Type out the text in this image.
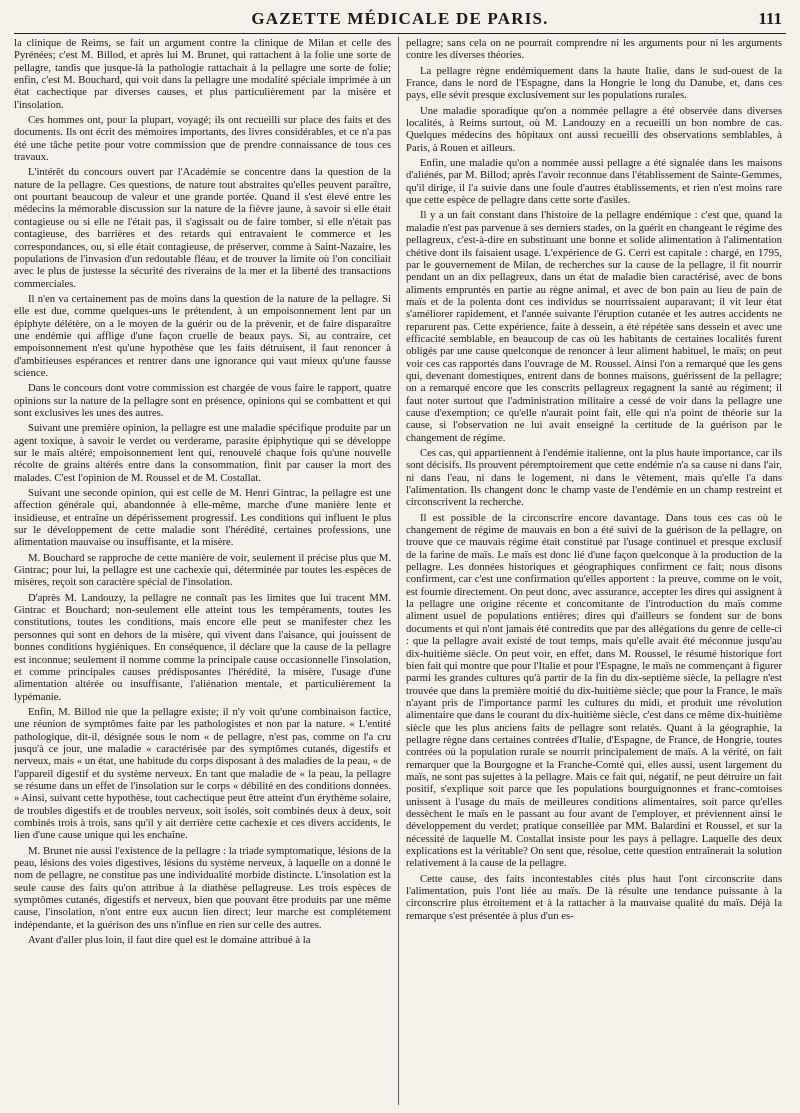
GAZETTE MÉDICALE DE PARIS.	111

la clinique de Reims, se fait un argument contre la clinique de Milan et celle des Pyrénées; c'est M. Billod, et après lui M. Brunet, qui rattachent à la folie une sorte de pellagre, tandis que jusque-là la pathologie rattachait à la pellagre une sorte de folie; enfin, c'est M. Bouchard, qui voit dans la pellagre une modalité spéciale imprimée à un état cachectique par diverses causes, et plus particulièrement par la misère et l'insolation.

Ces hommes ont, pour la plupart, voyagé; ils ont recueilli sur place des faits et des documents. Ils ont écrit des mémoires importants, des livres considérables, et ce n'a pas été une tâche petite pour votre commission que de prendre connaissance de tous ces travaux.

L'intérêt du concours ouvert par l'Académie se concentre dans la question de la nature de la pellagre. Ces questions, de nature tout abstraites qu'elles peuvent paraître, ont pourtant beaucoup de valeur et une grande portée. Quand il s'est élevé entre les médecins la mémorable discussion sur la nature de la fièvre jaune, à savoir si elle était contagieuse ou si elle ne l'était pas, il s'agissait ou de faire tomber, si elle n'était pas contagieuse, des barrières et des retards qui entravaient le commerce et les correspondances, ou, si elle était contagieuse, de préserver, comme à Saint-Nazaire, les populations de l'invasion d'un redoutable fléau, et de trouver la limite où l'on conciliait avec le plus de justesse la sécurité des riverains de la mer et la liberté des transactions commerciales.

Il n'en va certainement pas de moins dans la question de la nature de la pellagre. Si elle est due, comme quelques-uns le prétendent, à un empoisonnement lent par un épiphyte délétère, on a le moyen de la guérir ou de la prévenir, et de faire disparaître une endémie qui afflige d'une façon cruelle de beaux pays. Si, au contraire, cet empoisonnement n'est qu'une hypothèse que les faits détruisent, il faut renoncer à d'ambitieuses espérances et rentrer dans une ignorance qui vaut mieux qu'une fausse science.

Dans le concours dont votre commission est chargée de vous faire le rapport, quatre opinions sur la nature de la pellagre sont en présence, opinions qui se combattent et qui sont exclusives les unes des autres.

Suivant une première opinion, la pellagre est une maladie spécifique produite par un agent toxique, à savoir le verdet ou verderame, parasite épiphytique qui se développe sur le maïs altéré; empoisonnement lent qui, renouvelé chaque fois qu'une nouvelle récolte de grains altérés entre dans la consommation, finit par causer la mort des malades. C'est l'opinion de M. Roussel et de M. Costallat.

Suivant une seconde opinion, qui est celle de M. Henri Gintrac, la pellagre est une affection générale qui, abandonnée à elle-même, marche d'une manière lente et insidieuse, et entraîne un dépérissement progressif. Les conditions qui influent le plus sur le développement de cette maladie sont l'hérédité, certaines professions, une alimentation mauvaise ou insuffisante, et la misère.

M. Bouchard se rapproche de cette manière de voir, seulement il précise plus que M. Gintrac; pour lui, la pellagre est une cachexie qui, déterminée par toutes les espèces de misères, reçoit son caractère spécial de l'insolation.

D'après M. Landouzy, la pellagre ne connaît pas les limites que lui tracent MM. Gintrac et Bouchard; non-seulement elle atteint tous les tempéraments, toutes les constitutions, toutes les conditions, mais encore elle peut se manifester chez les personnes qui sont en dehors de la misère, qui vivent dans l'aisance, qui jouissent de bonnes conditions hygiéniques. En conséquence, il déclare que la cause de la pellagre est inconnue; seulement il nomme comme la principale cause occasionnelle l'insolation, et comme principales causes prédisposantes l'hérédité, la misère, l'usage d'une alimentation altérée ou insuffisante, l'aliénation mentale, et particulièrement la lypémanie.

Enfin, M. Billod nie que la pellagre existe; il n'y voit qu'une combinaison factice, une réunion de symptômes faite par les pathologistes et non par la nature. « L'entité pathologique, dit-il, désignée sous le nom « de pellagre, n'est pas, comme on l'a cru jusqu'à ce jour, une maladie « caractérisée par des symptômes cutanés, digestifs et nerveux, mais « un état, une habitude du corps disposant à des maladies de la peau, « de l'appareil digestif et du système nerveux. En tant que maladie de « la peau, la pellagre se résume dans un effet de l'insolation sur le corps « débilité en des conditions données. » Ainsi, suivant cette hypothèse, tout cachectique peut être atteint d'un érythème solaire, de troubles digestifs et de troubles nerveux, soit isolés, soit combinés deux à deux, soit combinés trois à trois, sans qu'il y ait derrière cette cachexie et ces divers accidents, le lien d'une cause unique qui les enchaîne.

M. Brunet nie aussi l'existence de la pellagre : la triade symptomatique, lésions de la peau, lésions des voies digestives, lésions du système nerveux, à laquelle on a donné le nom de pellagre, ne constitue pas une individualité morbide distincte. L'insolation est la seule cause des faits qu'on attribue à la diathèse pellagreuse. Les trois espèces de symptômes cutanés, digestifs et nerveux, bien que pouvant être produits par une même cause, l'insolation, n'ont entre eux aucun lien direct; leur marche est complétement indépendante, et la guérison des uns n'influe en rien sur celle des autres.

Avant d'aller plus loin, il faut dire quel est le domaine attribué à la

pellagre; sans cela on ne pourrait comprendre ni les arguments pour ni les arguments contre les diverses théories.

La pellagre règne endémiquement dans la haute Italie, dans le sud-ouest de la France, dans le nord de l'Espagne, dans la Hongrie le long du Danube, et, dans ces pays, elle sévit presque exclusivement sur les populations rurales.

Une maladie sporadique qu'on a nommée pellagre a été observée dans diverses localités, à Reims surtout, où M. Landouzy en a recueilli un bon nombre de cas. Quelques médecins des hôpitaux ont aussi recueilli des observations semblables, à Paris, à Rouen et ailleurs.

Enfin, une maladie qu'on a nommée aussi pellagre a été signalée dans les maisons d'aliénés, par M. Billod; après l'avoir reconnue dans l'établissement de Sainte-Gemmes, qu'il dirige, il l'a suivie dans une foule d'autres établissements, et rien n'est moins rare que cette espèce de pellagre dans cette sorte d'asiles.

Il y a un fait constant dans l'histoire de la pellagre endémique : c'est que, quand la maladie n'est pas parvenue à ses derniers stades, on la guérit en changeant le régime des pellagreux, c'est-à-dire en substituant une bonne et solide alimentation à l'alimentation chétive dont ils faisaient usage. L'expérience de G. Cerri est capitale : chargé, en 1795, par le gouvernement de Milan, de recherches sur la cause de la pellagre, il fit nourrir pendant un an dix pellagreux, dans un état de maladie bien caractérisé, avec de bons aliments empruntés en partie au règne animal, et avec de bon pain au lieu de pain de maïs et de la polenta dont ces individus se nourrissaient auparavant; il vit leur état s'améliorer rapidement, et l'année suivante l'éruption cutanée et les autres accidents ne reparurent pas. Cette expérience, faite à dessein, a été répétée sans dessein et avec une efficacité semblable, en beaucoup de cas où les habitants de certaines localités furent obligés par une cause quelconque de renoncer à leur aliment habituel, le maïs; on peut voir ces cas rapportés dans l'ouvrage de M. Roussel. Ainsi l'on a remarqué que les gens qui, devenant domestiques, entrent dans de bonnes maisons, guérissent de la pellagre; on a remarqué encore que les conscrits pellagreux regagnent la santé au régiment; il faut noter surtout que l'administration militaire a cessé de voir dans la pellagre une cause d'exemption; ce qu'elle n'aurait point fait, elle qui n'a point de théorie sur la cause, si l'observation ne lui avait enseigné la certitude de la guérison par le changement de régime.

Ces cas, qui appartiennent à l'endémie italienne, ont la plus haute importance, car ils sont décisifs. Ils prouvent péremptoirement que cette endémie n'a sa cause ni dans l'air, ni dans l'eau, ni dans le logement, ni dans le vêtement, mais qu'elle l'a dans l'alimentation. Ils changent donc le champ vaste de l'endémie en un champ restreint et circonscrivent la recherche.

Il est possible de la circonscrire encore davantage. Dans tous ces cas où le changement de régime de mauvais en bon a été suivi de la guérison de la pellagre, on trouve que ce mauvais régime était constitué par l'usage continuel et presque exclusif de la farine de maïs. Le maïs est donc lié d'une façon quelconque à la production de la pellagre. Les données historiques et géographiques confirment ce fait; nous disons confirment, car c'est une confirmation qu'elles apportent : la preuve, comme on le voit, est fournie directement. On peut donc, avec assurance, accepter les dires qui assignent à la pellagre une origine récente et concomitante de l'introduction du maïs comme aliment usuel de populations entières; dires qui d'ailleurs se fondent sur de bons documents et qui n'ont jamais été contredits que par des allégations du genre de celle-ci : que la pellagre avait existé de tout temps, mais qu'elle avait été méconnue jusqu'au dix-huitième siècle. On peut voir, en effet, dans M. Roussel, le résumé historique fort bien fait qui montre que pour l'Italie et pour l'Espagne, le maïs ne commençant à figurer parmi les grandes cultures qu'à partir de la fin du dix-septième siècle, la pellagre n'est trouvée que dans la première moitié du dix-huitième siècle; que pour la France, le maïs n'ayant pris de l'importance parmi les cultures du midi, et produit une révolution alimentaire que dans le courant du dix-huitième siècle, c'est dans ce même dix-huitième siècle que les plus anciens faits de pellagre sont relatés. Quant à la géographie, la pellagre règne dans certaines contrées d'Italie, d'Espagne, de France, de Hongrie, toutes contrées où la population rurale se nourrit principalement de maïs. A la vérité, on fait remarquer que la Bourgogne et la Franche-Comté qui, elles aussi, usent largement du maïs, ne sont pas sujettes à la pellagre. Mais ce fait qui, négatif, ne peut détruire un fait positif, s'explique soit parce que les populations bourguignonnes et franc-comtoises unissent à l'usage du maïs de meilleures conditions alimentaires, soit parce qu'elles dessèchent le maïs en le passant au four avant de l'employer, et préviennent ainsi le développement du verdet; pratique conseillée par MM. Balardini et Roussel, et sur la nécessité de laquelle M. Costallat insiste pour les pays à pellagre. Laquelle des deux explications est la véritable? On sent que, résolue, cette question entraînerait la solution relativement à la cause de la pellagre.

Cette cause, des faits incontestables cités plus haut l'ont circonscrite dans l'alimentation, puis l'ont liée au maïs. De là résulte une tendance puissante à la circonscrire plus étroitement et à la rattacher à la mauvaise qualité du maïs. Déjà la remarque s'est présentée à plus d'un es-
